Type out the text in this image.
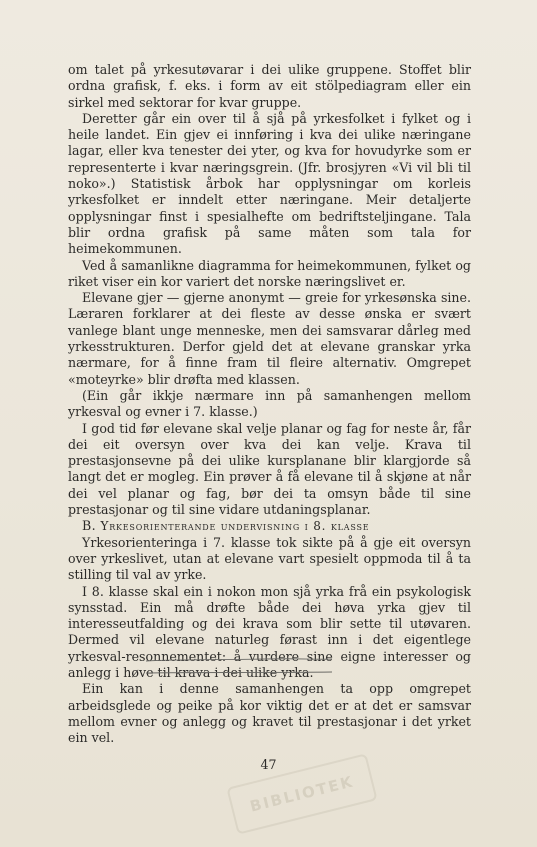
om talet på yrkesutøvarar i dei ulike gruppene. Stoffet blir ordna grafisk, f. eks. i form av eit stölpediagram eller ein sirkel med sektorar for kvar gruppe.

Deretter går ein over til å sjå på yrkesfolket i fylket og i heile landet. Ein gjev ei innføring i kva dei ulike næringane lagar, eller kva tenester dei yter, og kva for hovudyrke som er representerte i kvar næringsgrein. (Jfr. brosjyren «Vi vil bli til noko».) Statistisk årbok har opplysningar om korleis yrkesfolket er inndelt etter næringane. Meir detaljerte opplysningar finst i spesialhefte om bedriftsteljingane. Tala blir ordna grafisk på same måten som tala for heimekommunen.

Ved å samanlikne diagramma for heimekommunen, fylket og riket viser ein kor variert det norske næringslivet er.

Elevane gjer — gjerne anonymt — greie for yrkesønska sine. Læraren forklarer at dei fleste av desse ønska er svært vanlege blant unge menneske, men dei samsvarar dårleg med yrkesstrukturen. Derfor gjeld det at elevane granskar yrka nærmare, for å finne fram til fleire alternativ. Omgrepet «moteyrke» blir drøfta med klassen.

(Ein går ikkje nærmare inn på samanhengen mellom yrkesval og evner i 7. klasse.)

I god tid før elevane skal velje planar og fag for neste år, får dei eit oversyn over kva dei kan velje. Krava til prestasjonsevne på dei ulike kursplanane blir klargjorde så langt det er mogleg. Ein prøver å få elevane til å skjøne at når dei vel planar og fag, bør dei ta omsyn både til sine prestasjonar og til sine vidare utdaningsplanar.

B. Yrkesorienterande undervisning i 8. klasse

Yrkesorienteringa i 7. klasse tok sikte på å gje eit oversyn over yrkeslivet, utan at elevane vart spesielt oppmoda til å ta stilling til val av yrke.

I 8. klasse skal ein i nokon mon sjå yrka frå ein psykologisk synsstad. Ein må drøfte både dei høva yrka gjev til interesseutfalding og dei krava som blir sette til utøvaren. Dermed vil elevane naturleg førast inn i det eigentlege yrkesval-resonnementet: å vurdere sine eigne interesser og anlegg i høve til krava i dei ulike yrka.

Ein kan i denne samanhengen ta opp omgrepet arbeidsglede og peike på kor viktig det er at det er samsvar mellom evner og anlegg og kravet til prestasjonar i det yrket ein vel.

47
BIBLIOTEK
